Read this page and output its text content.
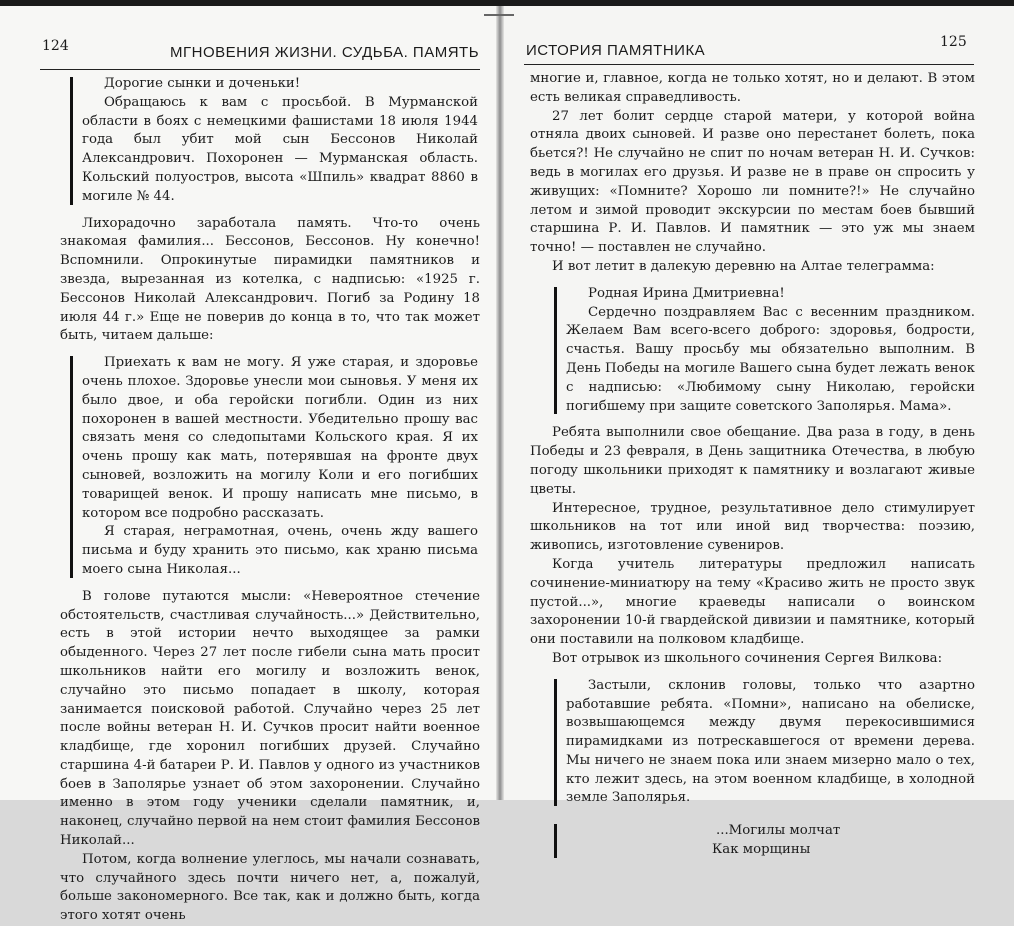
124	МГНОВЕНИЯ ЖИЗНИ. СУДЬБА. ПАМЯТЬ

Дорогие сынки и доченьки!

Обращаюсь к вам с просьбой. В Мурманской области в боях с немецкими фашистами 18 июля 1944 года был убит мой сын Бессонов Николай Александрович. Похоронен — Мурманская область. Кольский полуостров, высота «Шпиль» квадрат 8860 в могиле № 44.

Лихорадочно заработала память. Что-то очень знакомая фамилия... Бессонов, Бессонов. Ну конечно! Вспомнили. Опрокинутые пирамидки памятников и звезда, вырезанная из котелка, с надписью: «1925 г. Бессонов Николай Александрович. Погиб за Родину 18 июля 44 г.» Еще не поверив до конца в то, что так может быть, читаем дальше:

Приехать к вам не могу. Я уже старая, и здоровье очень плохое. Здоровье унесли мои сыновья. У меня их было двое, и оба геройски погибли. Один из них похоронен в вашей местности. Убедительно прошу вас связать меня со следопытами Кольского края. Я их очень прошу как мать, потерявшая на фронте двух сыновей, возложить на могилу Коли и его погибших товарищей венок. И прошу написать мне письмо, в котором все подробно рассказать.

Я старая, неграмотная, очень, очень жду вашего письма и буду хранить это письмо, как храню письма моего сына Николая...

В голове путаются мысли: «Невероятное стечение обстоятельств, счастливая случайность...» Действительно, есть в этой истории нечто выходящее за рамки обыденного. Через 27 лет после гибели сына мать просит школьников найти его могилу и возложить венок, случайно это письмо попадает в школу, которая занимается поисковой работой. Случайно через 25 лет после войны ветеран Н. И. Сучков просит найти военное кладбище, где хоронил погибших друзей. Случайно старшина 4-й батареи Р. И. Павлов у одного из участников боев в Заполярье узнает об этом захоронении. Случайно именно в этом году ученики сделали памятник, и, наконец, случайно первой на нем стоит фамилия Бессонов Николай...

Потом, когда волнение улеглось, мы начали сознавать, что случайного здесь почти ничего нет, а, пожалуй, больше закономерного. Все так, как и должно быть, когда этого хотят очень

ИСТОРИЯ ПАМЯТНИКА	125

многие и, главное, когда не только хотят, но и делают. В этом есть великая справедливость.

27 лет болит сердце старой матери, у которой война отняла двоих сыновей. И разве оно перестанет болеть, пока бьется?! Не случайно не спит по ночам ветеран Н. И. Сучков: ведь в могилах его друзья. И разве не в праве он спросить у живущих: «Помните? Хорошо ли помните?!» Не случайно летом и зимой проводит экскурсии по местам боев бывший старшина Р. И. Павлов. И памятник — это уж мы знаем точно! — поставлен не случайно.

И вот летит в далекую деревню на Алтае телеграмма:

Родная Ирина Дмитриевна!

Сердечно поздравляем Вас с весенним праздником. Желаем Вам всего-всего доброго: здоровья, бодрости, счастья. Вашу просьбу мы обязательно выполним. В День Победы на могиле Вашего сына будет лежать венок с надписью: «Любимому сыну Николаю, геройски погибшему при защите советского Заполярья. Мама».

Ребята выполнили свое обещание. Два раза в году, в день Победы и 23 февраля, в День защитника Отечества, в любую погоду школьники приходят к памятнику и возлагают живые цветы.

Интересное, трудное, результативное дело стимулирует школьников на тот или иной вид творчества: поэзию, живопись, изготовление сувениров.

Когда учитель литературы предложил написать сочинение-миниатюру на тему «Красиво жить не просто звук пустой...», многие краеведы написали о воинском захоронении 10-й гвардейской дивизии и памятнике, который они поставили на полковом кладбище.

Вот отрывок из школьного сочинения Сергея Вилкова:

Застыли, склонив головы, только что азартно работавшие ребята. «Помни», написано на обелиске, возвышающемся между двумя перекосившимися пирамидками из потрескавшегося от времени дерева. Мы ничего не знаем пока или знаем мизерно мало о тех, кто лежит здесь, на этом военном кладбище, в холодной земле Заполярья.

...Могилы молчат

Как морщины
